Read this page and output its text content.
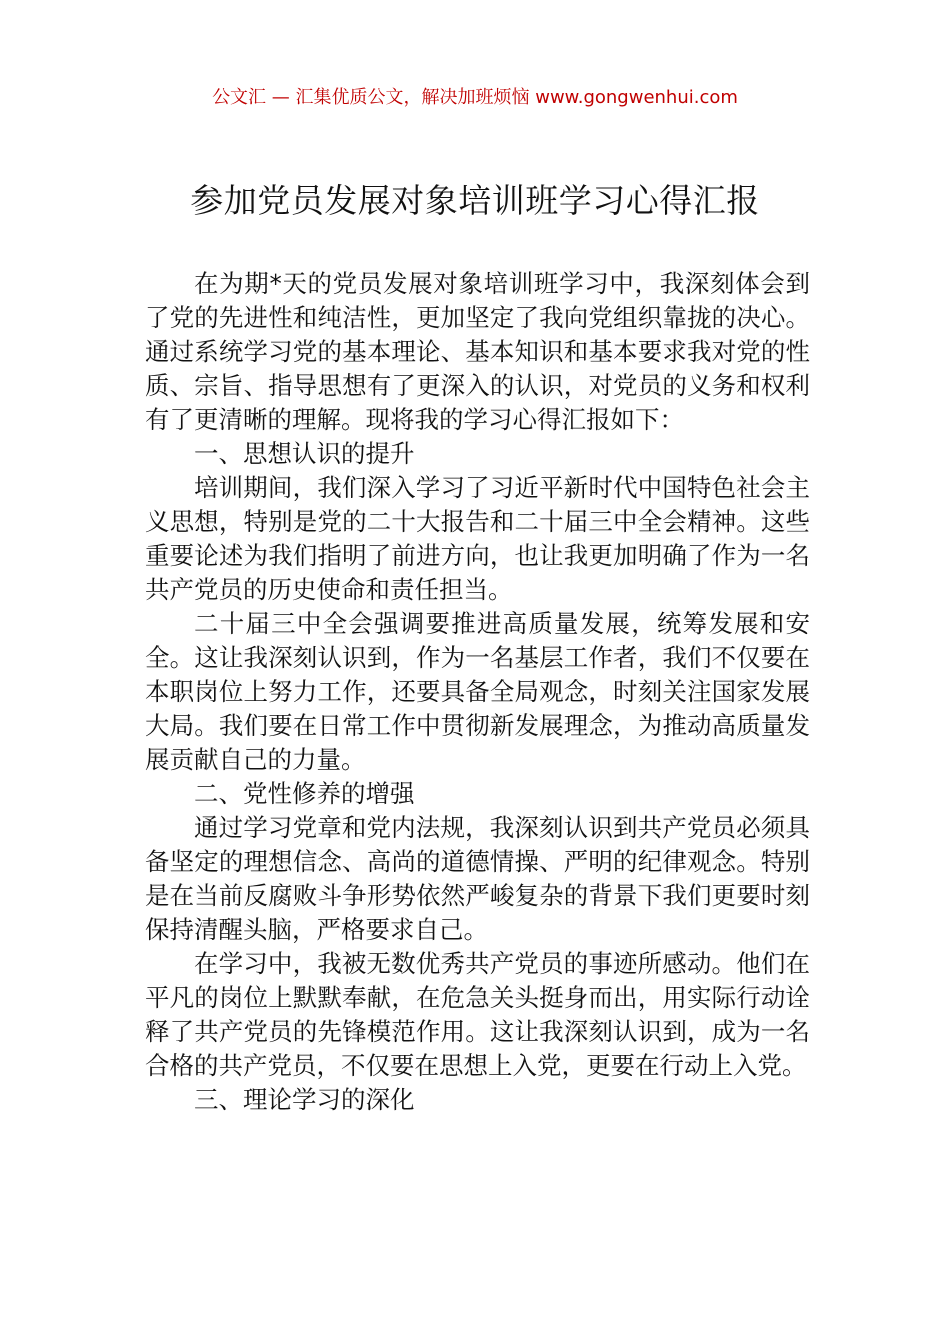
公文汇 — 汇集优质公文，解决加班烦恼 www.gongwenhui.com
参加党员发展对象培训班学习心得汇报

在为期*天的党员发展对象培训班学习中，我深刻体会到了党的先进性和纯洁性，更加坚定了我向党组织靠拢的决心。通过系统学习党的基本理论、基本知识和基本要求我对党的性质、宗旨、指导思想有了更深入的认识，对党员的义务和权利有了更清晰的理解。现将我的学习心得汇报如下：

一、思想认识的提升

培训期间，我们深入学习了习近平新时代中国特色社会主义思想，特别是党的二十大报告和二十届三中全会精神。这些重要论述为我们指明了前进方向，也让我更加明确了作为一名共产党员的历史使命和责任担当。

二十届三中全会强调要推进高质量发展，统筹发展和安全。这让我深刻认识到，作为一名基层工作者，我们不仅要在本职岗位上努力工作，还要具备全局观念，时刻关注国家发展大局。我们要在日常工作中贯彻新发展理念，为推动高质量发展贡献自己的力量。

二、党性修养的增强

通过学习党章和党内法规，我深刻认识到共产党员必须具备坚定的理想信念、高尚的道德情操、严明的纪律观念。特别是在当前反腐败斗争形势依然严峻复杂的背景下我们更要时刻保持清醒头脑，严格要求自己。

在学习中，我被无数优秀共产党员的事迹所感动。他们在平凡的岗位上默默奉献，在危急关头挺身而出，用实际行动诠释了共产党员的先锋模范作用。这让我深刻认识到，成为一名合格的共产党员，不仅要在思想上入党，更要在行动上入党。

三、理论学习的深化
